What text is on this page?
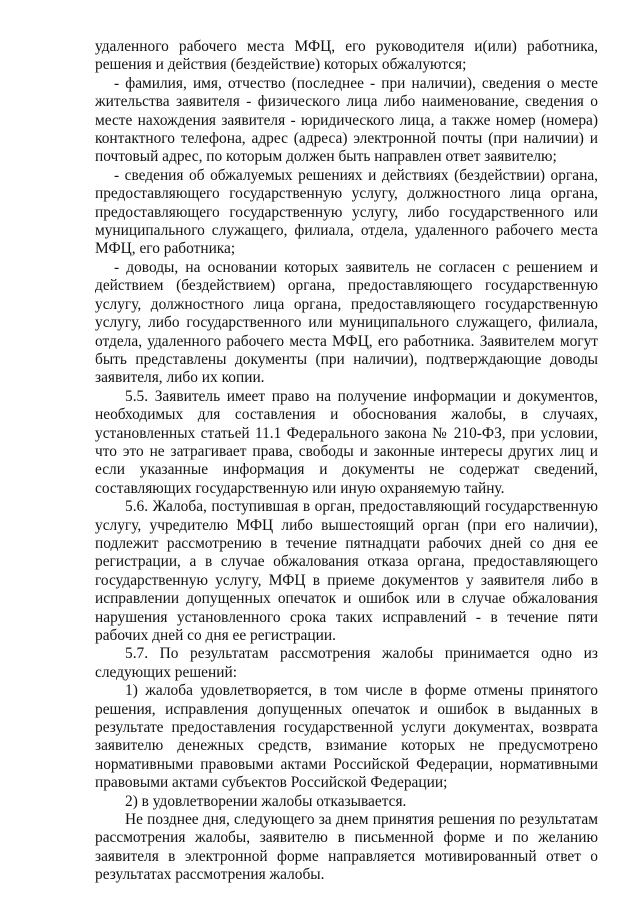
удаленного рабочего места МФЦ, его руководителя и(или) работника, решения и действия (бездействие) которых обжалуются;

- фамилия, имя, отчество (последнее - при наличии), сведения о месте жительства заявителя - физического лица либо наименование, сведения о месте нахождения заявителя - юридического лица, а также номер (номера) контактного телефона, адрес (адреса) электронной почты (при наличии) и почтовый адрес, по которым должен быть направлен ответ заявителю;

- сведения об обжалуемых решениях и действиях (бездействии) органа, предоставляющего государственную услугу, должностного лица органа, предоставляющего государственную услугу, либо государственного или муниципального служащего, филиала, отдела, удаленного рабочего места МФЦ, его работника;

- доводы, на основании которых заявитель не согласен с решением и действием (бездействием) органа, предоставляющего государственную услугу, должностного лица органа, предоставляющего государственную услугу, либо государственного или муниципального служащего, филиала, отдела, удаленного рабочего места МФЦ, его работника. Заявителем могут быть представлены документы (при наличии), подтверждающие доводы заявителя, либо их копии.

5.5. Заявитель имеет право на получение информации и документов, необходимых для составления и обоснования жалобы, в случаях, установленных статьей 11.1 Федерального закона № 210-ФЗ, при условии, что это не затрагивает права, свободы и законные интересы других лиц и если указанные информация и документы не содержат сведений, составляющих государственную или иную охраняемую тайну.

5.6. Жалоба, поступившая в орган, предоставляющий государственную услугу, учредителю МФЦ либо вышестоящий орган (при его наличии), подлежит рассмотрению в течение пятнадцати рабочих дней со дня ее регистрации, а в случае обжалования отказа органа, предоставляющего государственную услугу, МФЦ в приеме документов у заявителя либо в исправлении допущенных опечаток и ошибок или в случае обжалования нарушения установленного срока таких исправлений - в течение пяти рабочих дней со дня ее регистрации.

5.7. По результатам рассмотрения жалобы принимается одно из следующих решений:

1) жалоба удовлетворяется, в том числе в форме отмены принятого решения, исправления допущенных опечаток и ошибок в выданных в результате предоставления государственной услуги документах, возврата заявителю денежных средств, взимание которых не предусмотрено нормативными правовыми актами Российской Федерации, нормативными правовыми актами субъектов Российской Федерации;

2) в удовлетворении жалобы отказывается.

Не позднее дня, следующего за днем принятия решения по результатам рассмотрения жалобы, заявителю в письменной форме и по желанию заявителя в электронной форме направляется мотивированный ответ о результатах рассмотрения жалобы.
